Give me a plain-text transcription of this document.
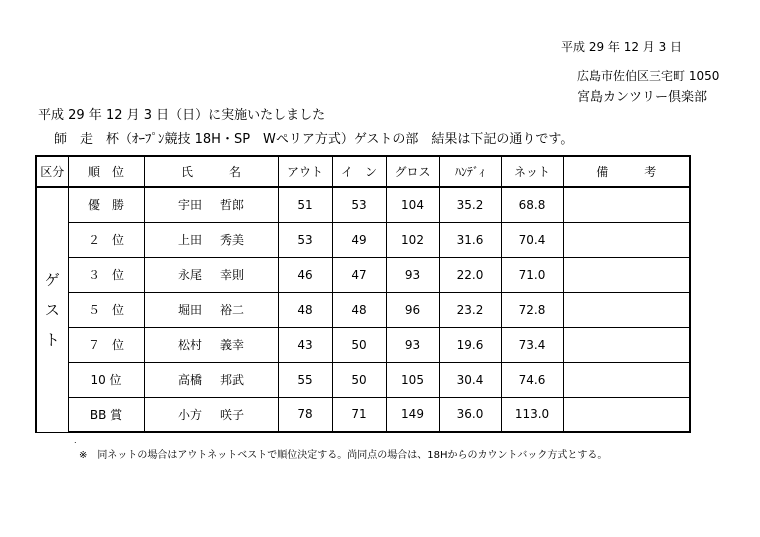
平成 29 年 12 月 3 日
広島市佐伯区三宅町 1050
宮島カンツリー倶楽部
平成 29 年 12 月 3 日（日）に実施いたしました
師　走　杯（ｵｰﾌﾟﾝ競技 18H・SP　Wペリア方式）ゲストの部　結果は下記の通りです。
区分	順　位	氏　　　名	アウト	イ　ン	グロス	ﾊﾝﾃﾞｨ	ネット	備　　　考

ゲ
ス
ト	優　勝	宇田 哲郎	51	53	104	35.2	68.8	
	２　位	上田 秀美	53	49	102	31.6	70.4	
	３　位	永尾 幸則	46	47	93	22.0	71.0	
	５　位	堀田 裕二	48	48	96	23.2	72.8	
	７　位	松村 義幸	43	50	93	19.6	73.4	
	10 位	高橋 邦武	55	50	105	30.4	74.6	
	BB 賞	小方 咲子	78	71	149	36.0	113.0	
.
※　同ネットの場合はアウトネットベストで順位決定する。尚同点の場合は、18Hからのカウントバック方式とする。
